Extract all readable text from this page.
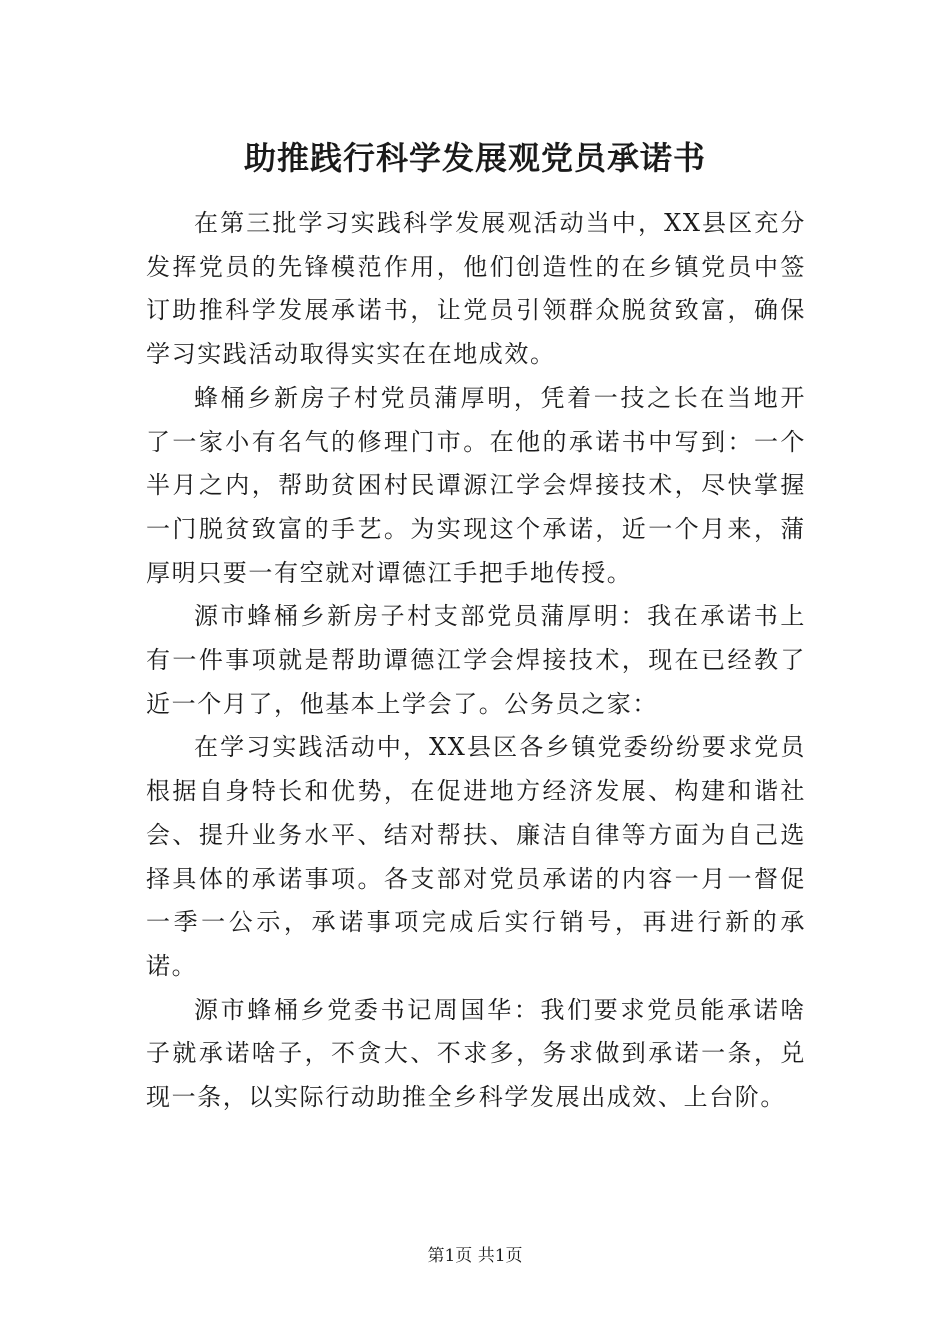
助推践行科学发展观党员承诺书

在第三批学习实践科学发展观活动当中，XX县区充分发挥党员的先锋模范作用，他们创造性的在乡镇党员中签订助推科学发展承诺书，让党员引领群众脱贫致富，确保学习实践活动取得实实在在地成效。

蜂桶乡新房子村党员蒲厚明，凭着一技之长在当地开了一家小有名气的修理门市。在他的承诺书中写到：一个半月之内，帮助贫困村民谭源江学会焊接技术，尽快掌握一门脱贫致富的手艺。为实现这个承诺，近一个月来，蒲厚明只要一有空就对谭德江手把手地传授。

源市蜂桶乡新房子村支部党员蒲厚明：我在承诺书上有一件事项就是帮助谭德江学会焊接技术，现在已经教了近一个月了，他基本上学会了。公务员之家：

在学习实践活动中，XX县区各乡镇党委纷纷要求党员根据自身特长和优势，在促进地方经济发展、构建和谐社会、提升业务水平、结对帮扶、廉洁自律等方面为自己选择具体的承诺事项。各支部对党员承诺的内容一月一督促一季一公示，承诺事项完成后实行销号，再进行新的承诺。

源市蜂桶乡党委书记周国华：我们要求党员能承诺啥子就承诺啥子，不贪大、不求多，务求做到承诺一条，兑现一条，以实际行动助推全乡科学发展出成效、上台阶。

第1页 共1页
